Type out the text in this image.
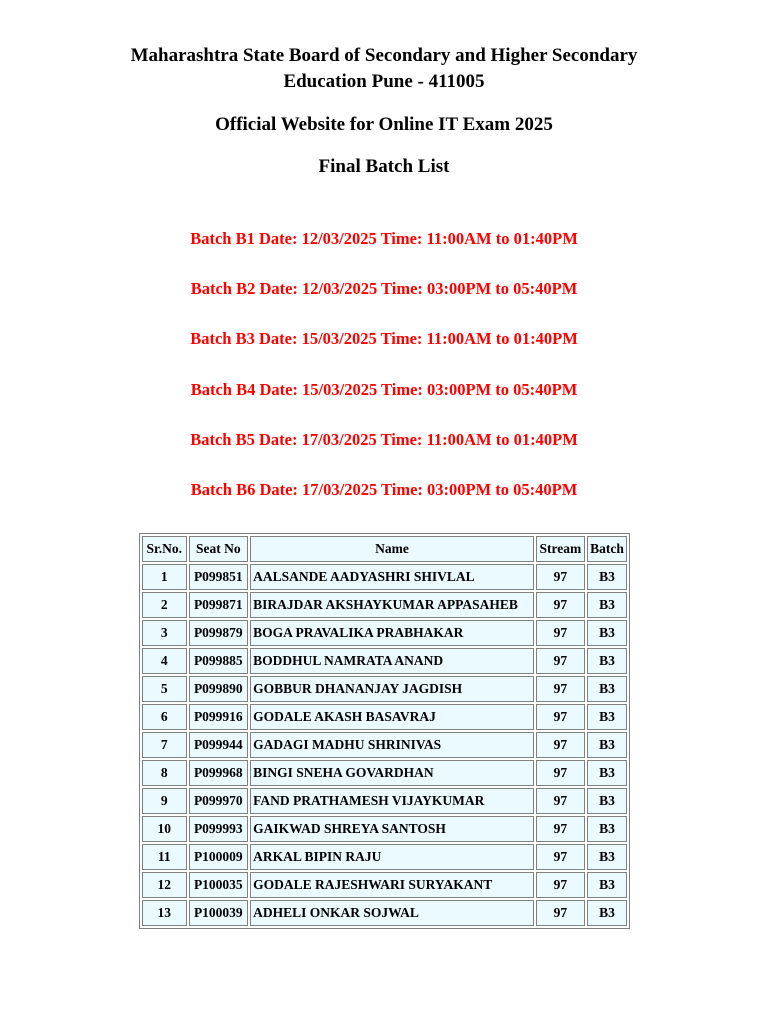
Maharashtra State Board of Secondary and Higher Secondary
Education Pune - 411005
Official Website for Online IT Exam 2025
Final Batch List
Batch B1 Date: 12/03/2025 Time: 11:00AM to 01:40PM
Batch B2 Date: 12/03/2025 Time: 03:00PM to 05:40PM
Batch B3 Date: 15/03/2025 Time: 11:00AM to 01:40PM
Batch B4 Date: 15/03/2025 Time: 03:00PM to 05:40PM
Batch B5 Date: 17/03/2025 Time: 11:00AM to 01:40PM
Batch B6 Date: 17/03/2025 Time: 03:00PM to 05:40PM
Sr.No.	Seat No	Name	Stream	Batch
1	P099851	AALSANDE AADYASHRI SHIVLAL	97	B3
2	P099871	BIRAJDAR AKSHAYKUMAR APPASAHEB	97	B3
3	P099879	BOGA PRAVALIKA PRABHAKAR	97	B3
4	P099885	BODDHUL NAMRATA ANAND	97	B3
5	P099890	GOBBUR DHANANJAY JAGDISH	97	B3
6	P099916	GODALE AKASH BASAVRAJ	97	B3
7	P099944	GADAGI MADHU SHRINIVAS	97	B3
8	P099968	BINGI SNEHA GOVARDHAN	97	B3
9	P099970	FAND PRATHAMESH VIJAYKUMAR	97	B3
10	P099993	GAIKWAD SHREYA SANTOSH	97	B3
11	P100009	ARKAL BIPIN RAJU	97	B3
12	P100035	GODALE RAJESHWARI SURYAKANT	97	B3
13	P100039	ADHELI ONKAR SOJWAL	97	B3
